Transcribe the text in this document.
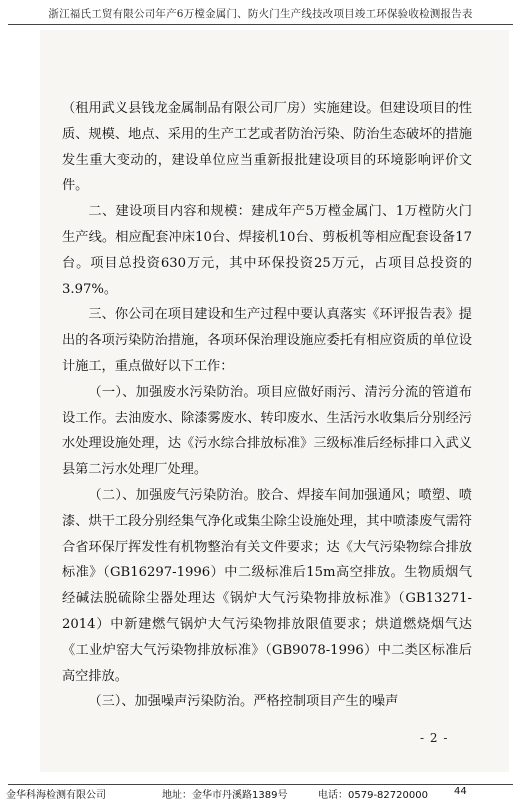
浙江福氏工贸有限公司年产6万樘金属门、防火门生产线技改项目竣工环保验收检测报告表

（租用武义县钱龙金属制品有限公司厂房）实施建设。但建设项目的性质、规模、地点、采用的生产工艺或者防治污染、防治生态破坏的措施发生重大变动的，建设单位应当重新报批建设项目的环境影响评价文件。

二、建设项目内容和规模：建成年产5万樘金属门、1万樘防火门生产线。相应配套冲床10台、焊接机10台、剪板机等相应配套设备17台。项目总投资630万元，其中环保投资25万元，占项目总投资的3.97%。

三、你公司在项目建设和生产过程中要认真落实《环评报告表》提出的各项污染防治措施，各项环保治理设施应委托有相应资质的单位设计施工，重点做好以下工作：

（一）、加强废水污染防治。项目应做好雨污、清污分流的管道布设工作。去油废水、除漆雾废水、转印废水、生活污水收集后分别经污水处理设施处理，达《污水综合排放标准》三级标准后经标排口入武义县第二污水处理厂处理。

（二）、加强废气污染防治。胶合、焊接车间加强通风；喷塑、喷漆、烘干工段分别经集气净化或集尘除尘设施处理，其中喷漆废气需符合省环保厅挥发性有机物整治有关文件要求；达《大气污染物综合排放标准》（GB16297-1996）中二级标准后15m高空排放。生物质烟气经碱法脱硫除尘器处理达《锅炉大气污染物排放标准》（GB13271-2014）中新建燃气锅炉大气污染物排放限值要求；烘道燃烧烟气达《工业炉窑大气污染物排放标准》（GB9078-1996）中二类区标准后高空排放。

（三）、加强噪声污染防治。严格控制项目产生的噪声

- 2 -
金华科海检测有限公司	地址：金华市丹溪路1389号	电话：0579-82720000	44
